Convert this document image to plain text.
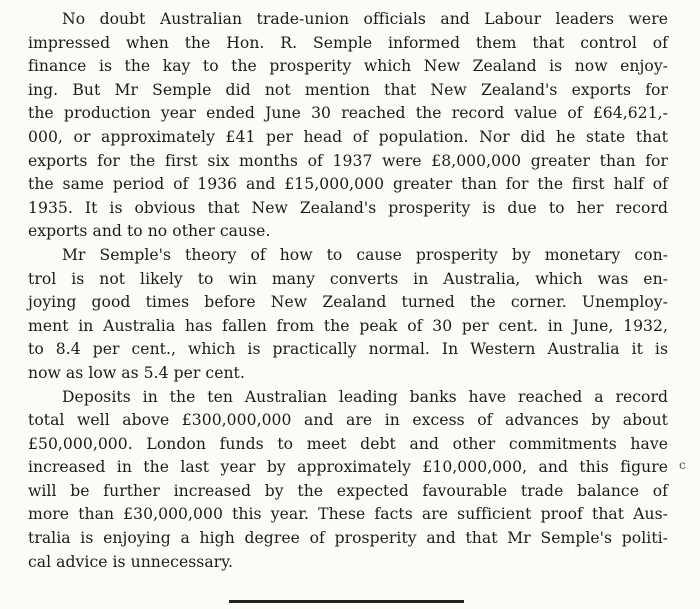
No doubt Australian trade-union officials and Labour leaders were
impressed when the Hon. R. Semple informed them that control of
finance is the kay to the prosperity which New Zealand is now enjoy-
ing. But Mr Semple did not mention that New Zealand's exports for
the production year ended June 30 reached the record value of £64,621,-
000, or approximately £41 per head of population. Nor did he state that
exports for the first six months of 1937 were £8,000,000 greater than for
the same period of 1936 and £15,000,000 greater than for the first half of
1935. It is obvious that New Zealand's prosperity is due to her record
exports and to no other cause.
Mr Semple's theory of how to cause prosperity by monetary con-
trol is not likely to win many converts in Australia, which was en-
joying good times before New Zealand turned the corner. Unemploy-
ment in Australia has fallen from the peak of 30 per cent. in June, 1932,
to 8.4 per cent., which is practically normal. In Western Australia it is
now as low as 5.4 per cent.
Deposits in the ten Australian leading banks have reached a record
total well above £300,000,000 and are in excess of advances by about
£50,000,000. London funds to meet debt and other commitments have
increased in the last year by approximately £10,000,000, and this figure
will be further increased by the expected favourable trade balance of
more than £30,000,000 this year. These facts are sufficient proof that Aus-
tralia is enjoying a high degree of prosperity and that Mr Semple's politi-
cal advice is unnecessary.
c
